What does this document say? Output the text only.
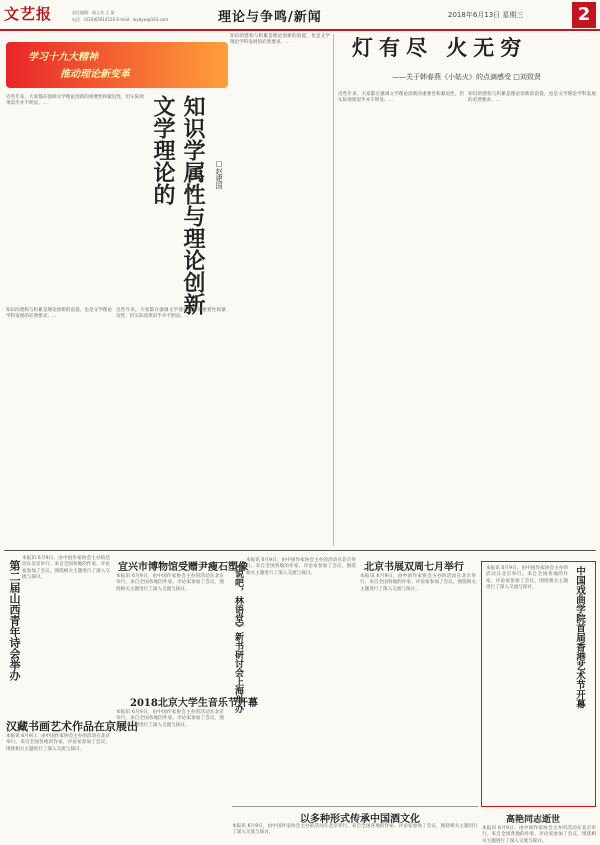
文艺报	责任编辑：商玉亮 王 蒙
电话：(010)65914510 E-mail：wybyw@163.com	理论与争鸣/新闻	2018年6月13日 星期三	2
学习十九大精神
推动理论新变革
文学理论的 知识学属性与理论创新	□赵建国
近些年来，大家都在强调文学理论创新的重要性和紧迫性，但实际效果似乎并不明显。…
知识的建构与积累是理论创新的前提，也是文学理论学科发展的必然要求。…
近些年来，大家都在强调文学理论创新的重要性和紧迫性，但实际效果似乎并不明显。…
知识的建构与积累是理论创新的前提，也是文学理论学科发展的必然要求。…	灯有尽 火无穷
——关于韩春燕《小姑火》的点滴感受 □刘致贤
近些年来，大家都在强调文学理论创新的重要性和紧迫性，但实际效果似乎并不明显。…
知识的建构与积累是理论创新的前提，也是文学理论学科发展的必然要求。…
第二届山西青年诗会举办
本报讯 6月9日，由中国作家协会主办的活动在北京举行。来自全国各地的作家、评论家参加了会议，围绕相关主题进行了深入交流与探讨。
汉藏书画艺术作品在京展出
本报讯 6月9日，由中国作家协会主办的活动在北京举行。来自全国各地的作家、评论家参加了会议，围绕相关主题进行了深入交流与探讨。
宜兴市博物馆受赠尹瘦石塑像
本报讯 6月9日，由中国作家协会主办的活动在北京举行。来自全国各地的作家、评论家参加了会议，围绕相关主题进行了深入交流与探讨。
2018北京大学生音乐节开幕
本报讯 6月9日，由中国作家协会主办的活动在北京举行。来自全国各地的作家、评论家参加了会议，围绕相关主题进行了深入交流与探讨。
《说吧，林语堂》新书研讨会上海举办 本报讯 6月9日，由中国作家协会主办的活动在北京举行。来自全国各地的作家、评论家参加了会议，围绕相关主题进行了深入交流与探讨。
北京书展双周七月举行
本报讯 6月9日，由中国作家协会主办的活动在北京举行。来自全国各地的作家、评论家参加了会议，围绕相关主题进行了深入交流与探讨。
以多种形式传承中国酒文化
本报讯 6月9日，由中国作家协会主办的活动在北京举行。来自全国各地的作家、评论家参加了会议，围绕相关主题进行了深入交流与探讨。
中国戏曲学院首届香港艺术节开幕
本报讯 6月9日，由中国作家协会主办的活动在北京举行。来自全国各地的作家、评论家参加了会议，围绕相关主题进行了深入交流与探讨。
高艳同志逝世
本报讯 6月9日，由中国作家协会主办的活动在北京举行。来自全国各地的作家、评论家参加了会议，围绕相关主题进行了深入交流与探讨。
